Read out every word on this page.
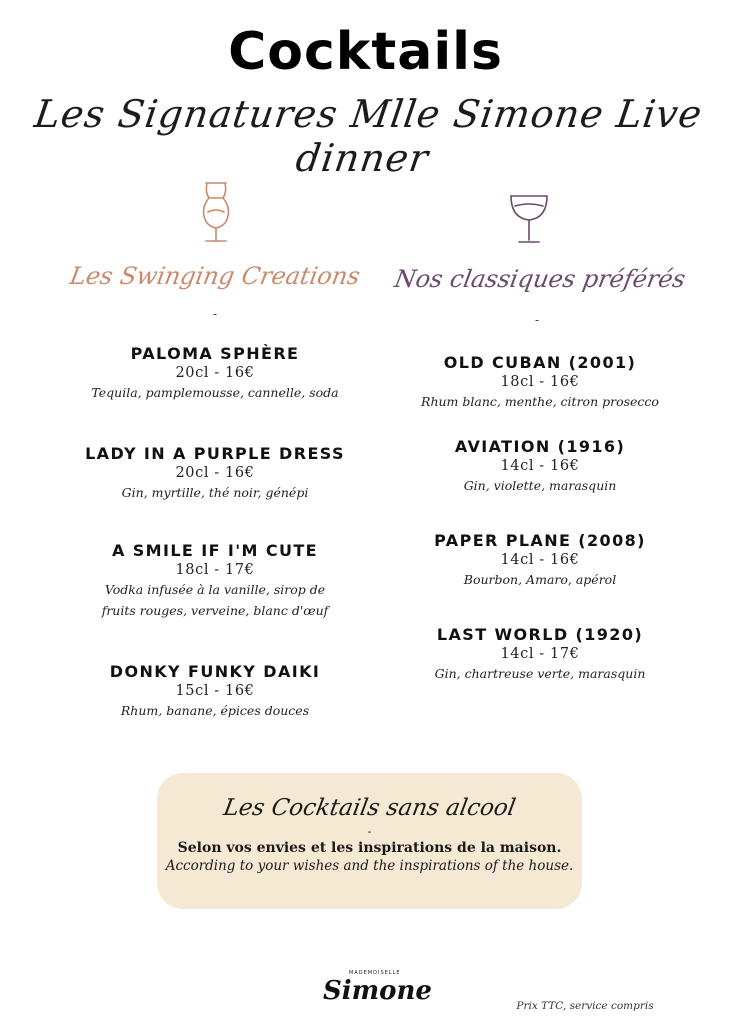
Cocktails
Les Signatures Mlle Simone Live dinner
Les Swinging Creations	Nos classiques préférés
-	-
PALOMA SPHÈRE
20cl - 16€
Tequila, pamplemousse, cannelle, soda
LADY IN A PURPLE DRESS
20cl - 16€
Gin, myrtille, thé noir, génépi
A SMILE IF I'M CUTE
18cl - 17€
Vodka infusée à la vanille, sirop de
fruits rouges, verveine, blanc d'œuf
DONKY FUNKY DAIKI
15cl - 16€
Rhum, banane, épices douces
OLD CUBAN (2001)
18cl - 16€
Rhum blanc, menthe, citron prosecco
AVIATION (1916)
14cl - 16€
Gin, violette, marasquin
PAPER PLANE (2008)
14cl - 16€
Bourbon, Amaro, apérol
LAST WORLD (1920)
14cl - 17€
Gin, chartreuse verte, marasquin
Les Cocktails sans alcool
-
Selon vos envies et les inspirations de la maison.
According to your wishes and the inspirations of the house.
MADEMOISELLE
Simone	Prix TTC, service compris
